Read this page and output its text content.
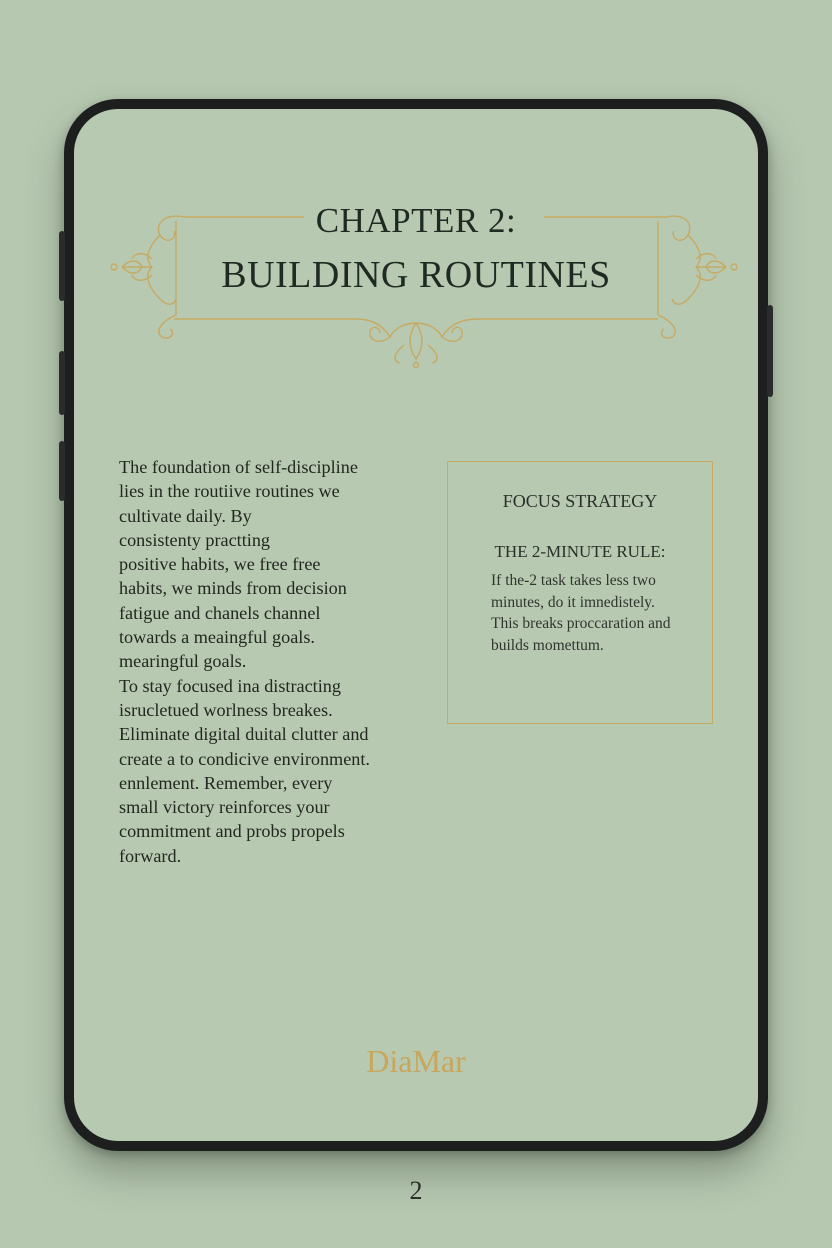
CHAPTER 2:
BUILDING ROUTINES
The foundation of self-discipline
lies in the routiive routines we
cultivate daily. By
consistenty practting
positive habits, we free free
habits, we minds from decision
fatigue and chanels channel
towards a meaingful goals.
mearingful goals.
To stay focused ina distracting
isrucletued worlness breakes.
Eliminate digital duital clutter and
create a to condicive environment.
ennlement. Remember, every
small victory reinforces your
commitment and probs propels
forward.
FOCUS STRATEGY
THE 2-MINUTE RULE:
If the-2 task takes less two
minutes, do it imnedistely.
This breaks proccaration and
builds momettum.
DiaMar
2
